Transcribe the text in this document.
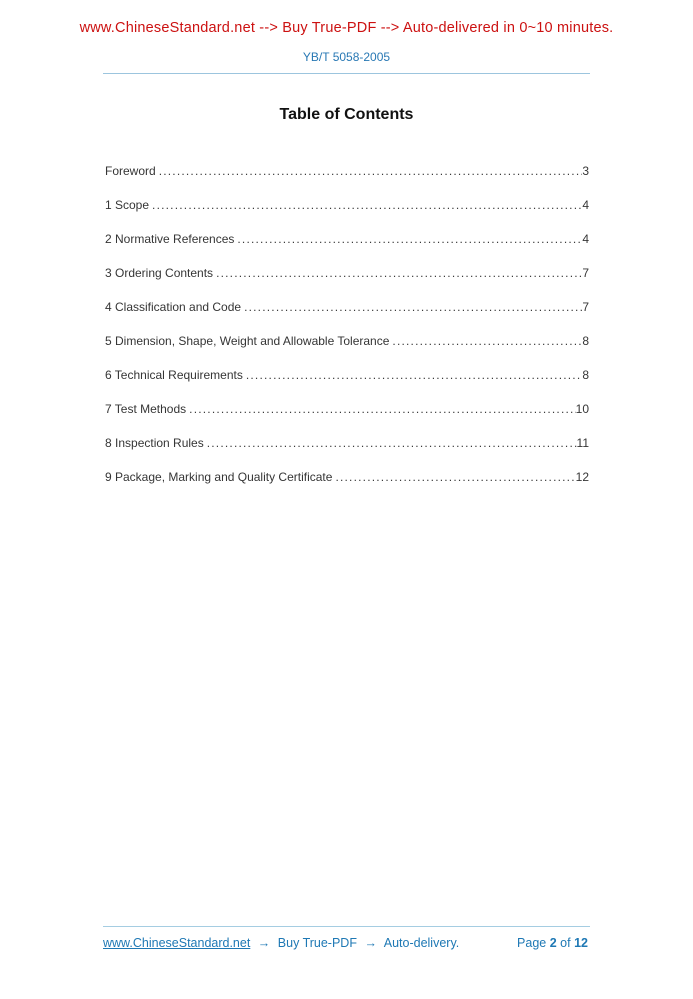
www.ChineseStandard.net --> Buy True-PDF --> Auto-delivered in 0~10 minutes.
YB/T 5058-2005
Table of Contents
Foreword .....	3
1 Scope .....	4
2 Normative References .....	4
3 Ordering Contents .....	7
4 Classification and Code .....	7
5 Dimension, Shape, Weight and Allowable Tolerance .....	8
6 Technical Requirements .....	8
7 Test Methods .....	10
8 Inspection Rules .....	11
9 Package, Marking and Quality Certificate .....	12
www.ChineseStandard.net → Buy True-PDF → Auto-delivery.	Page 2 of 12
